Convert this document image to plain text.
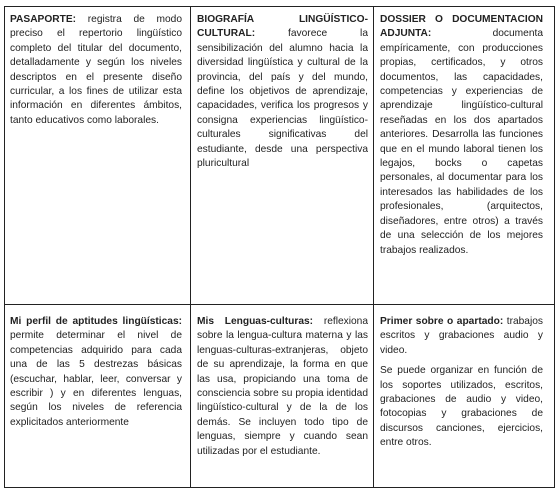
PASAPORTE: registra de modo preciso el repertorio lingüístico completo del titular del documento, detalladamente y según los niveles descriptos en el presente diseño curricular, a los fines de utilizar esta información en diferentes ámbitos, tanto educativos como laborales.

BIOGRAFÍA LINGÜÍSTICO-CULTURAL:	favorece la sensibilización del alumno hacia la diversidad lingüística y cultural de la provincia, del país y del mundo, define los objetivos de aprendizaje, capacidades, verifica los progresos y consigna experiencias lingüístico-culturales significativas del estudiante, desde una perspectiva pluricultural

DOSSIER O DOCUMENTACION ADJUNTA:	documenta empíricamente, con producciones propias, certificados, y otros documentos, las capacidades, competencias y experiencias de aprendizaje lingüístico-cultural reseñadas en los dos apartados anteriores. Desarrolla las funciones que en el mundo laboral tienen los legajos, bocks o capetas personales, al documentar para los interesados las habilidades de los profesionales, (arquitectos, diseñadores, entre otros) a través de una selección de los mejores trabajos realizados.

Mi perfil de aptitudes lingüísticas: permite determinar el nivel de competencias adquirido para cada una de las 5 destrezas básicas (escuchar, hablar, leer, conversar y escribir ) y en diferentes lenguas, según los niveles de referencia explicitados anteriormente

Mis Lenguas-culturas: reflexiona sobre la lengua-cultura materna y las lenguas-culturas-extranjeras, objeto de su aprendizaje, la forma en que las usa, propiciando una toma de consciencia sobre su propia identidad lingüístico-cultural y de la de los demás. Se incluyen todo tipo de lenguas, siempre y cuando sean utilizadas por el estudiante.

Primer sobre o apartado: trabajos escritos y grabaciones audio y video.

Se puede organizar en función de los soportes utilizados, escritos, grabaciones de audio y video, fotocopias y grabaciones de discursos canciones, ejercicios, entre otros.
